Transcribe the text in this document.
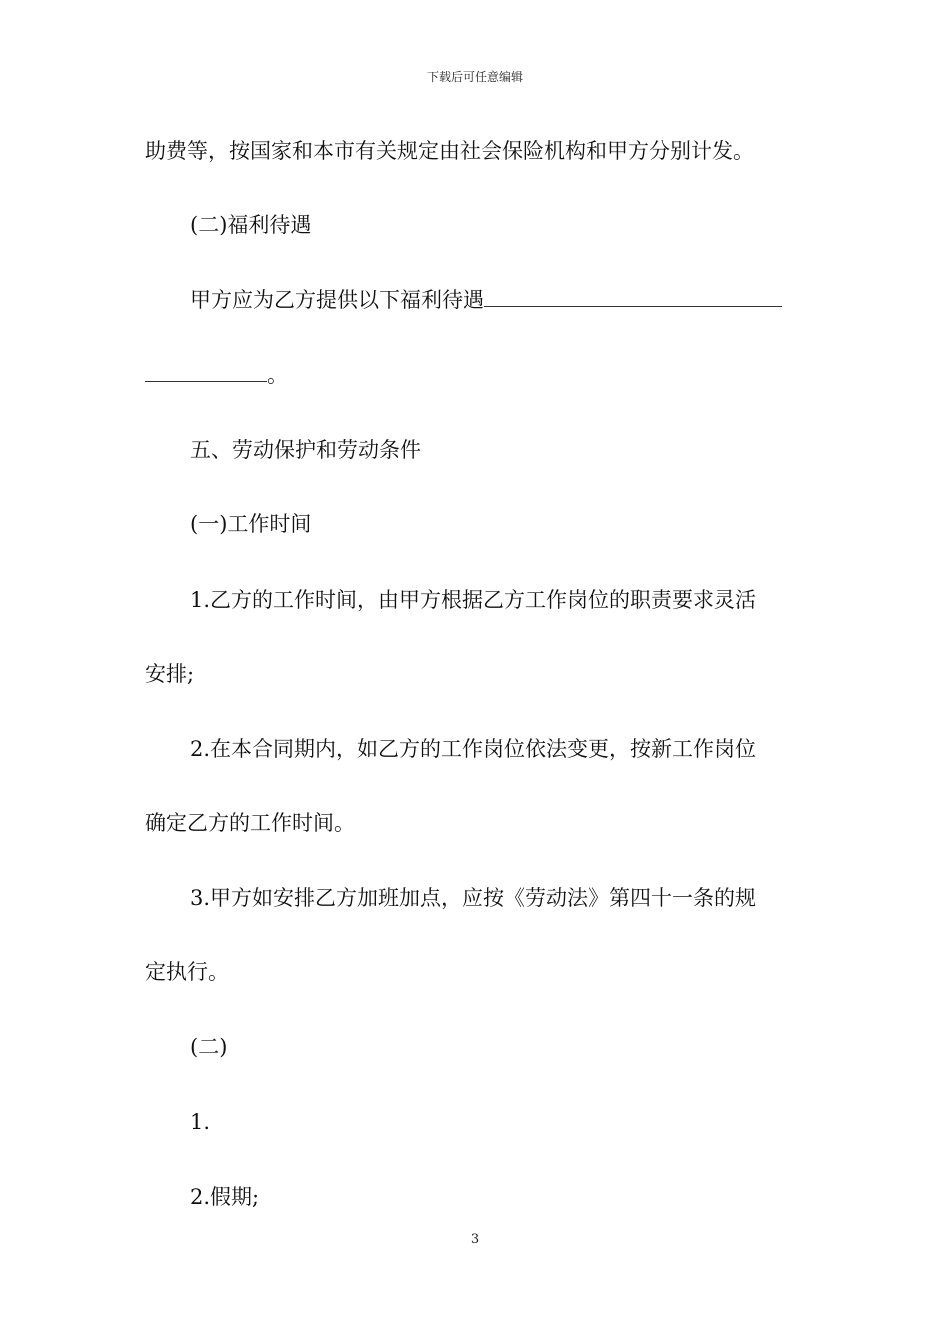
下载后可任意编辑
助费等，按国家和本市有关规定由社会保险机构和甲方分别计发。
(二)福利待遇
甲方应为乙方提供以下福利待遇
。
五、劳动保护和劳动条件
(一)工作时间
1.乙方的工作时间，由甲方根据乙方工作岗位的职责要求灵活
安排;
2.在本合同期内，如乙方的工作岗位依法变更，按新工作岗位
确定乙方的工作时间。
3.甲方如安排乙方加班加点，应按《劳动法》第四十一条的规
定执行。
(二)
1.
2.假期;
3
